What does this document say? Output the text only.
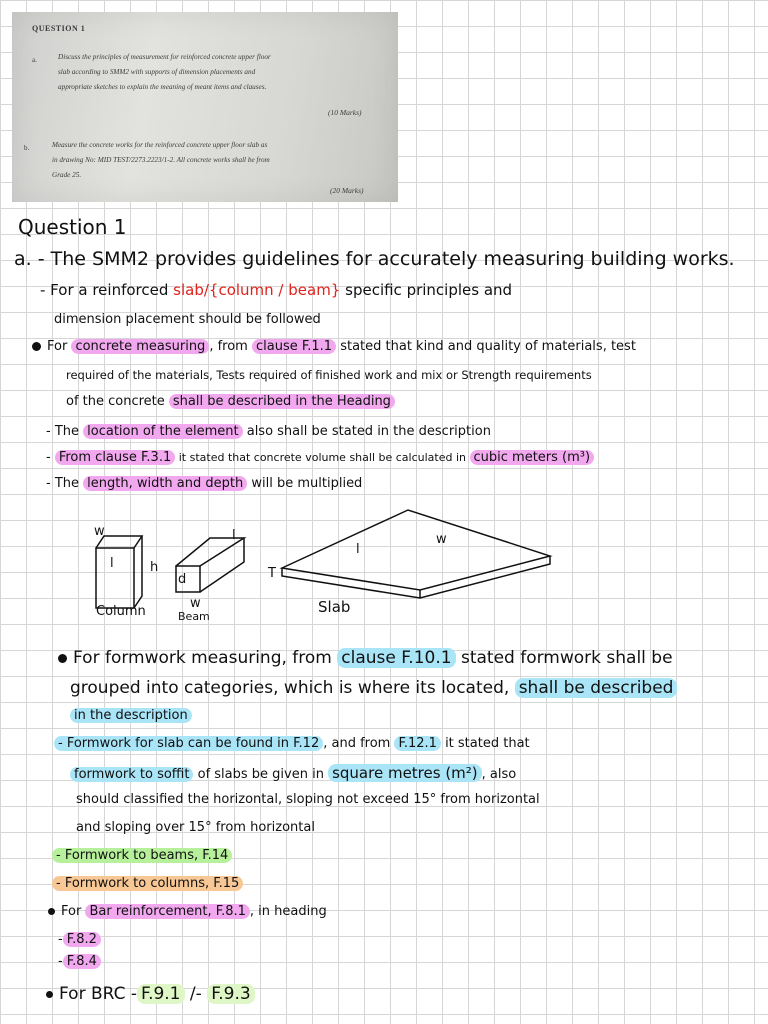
QUESTION 1
a.	Discuss the principles of measurement for reinforced concrete upper floor
slab according to SMM2 with supports of dimension placements and
appropriate sketches to explain the meaning of meant items and clauses.
(10 Marks)
b.	Measure the concrete works for the reinforced concrete upper floor slab as
in drawing No: MID TEST/2273.2223/1-2. All concrete works shall be from
Grade 25.
(20 Marks)
Question 1
a. - The SMM2 provides guidelines for accurately measuring building works.
- For a reinforced slab/{column / beam} specific principles and
dimension placement should be followed
For concrete measuring , from clause F.1.1 stated that kind and quality of materials, test
required of the materials, Tests required of finished work and mix or Strength requirements
of the concrete shall be described in the Heading
- The location of the element also shall be stated in the description
- From clause F.3.1 it stated that concrete volume shall be calculated in cubic meters (m³)
- The length, width and depth will be multiplied
w
l	h
l
d
w
l
w
T
Column	Beam
Slab
For formwork measuring, from clause F.10.1 stated formwork shall be
grouped into categories, which is where its located, shall be described
in the description
- Formwork for slab can be found in F.12 , and from F.12.1 it stated that
formwork to soffit of slabs be given in square metres (m²) , also
should classified the horizontal, sloping not exceed 15° from horizontal
and sloping over 15° from horizontal
- Formwork to beams, F.14
- Formwork to columns, F.15
For Bar reinforcement, F.8.1 , in heading
- F.8.2
- F.8.4
For BRC - F.9.1 /- F.9.3
